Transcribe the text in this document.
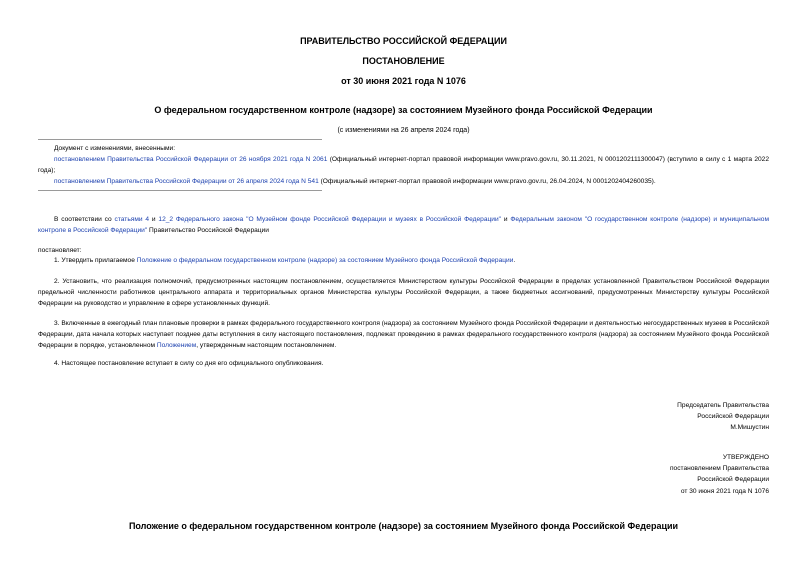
ПРАВИТЕЛЬСТВО РОССИЙСКОЙ ФЕДЕРАЦИИ
ПОСТАНОВЛЕНИЕ
от 30 июня 2021 года N 1076
О федеральном государственном контроле (надзоре) за состоянием Музейного фонда Российской Федерации
(с изменениями на 26 апреля 2024 года)
Документ с изменениями, внесенными:
постановлением Правительства Российской Федерации от 26 ноября 2021 года N 2061 (Официальный интернет-портал правовой информации www.pravo.gov.ru, 30.11.2021, N 0001202111300047) (вступило в силу с 1 марта 2022 года);
постановлением Правительства Российской Федерации от 26 апреля 2024 года N 541 (Официальный интернет-портал правовой информации www.pravo.gov.ru, 26.04.2024, N 0001202404260035).
В соответствии со статьями 4 и 12_2 Федерального закона "О Музейном фонде Российской Федерации и музеях в Российской Федерации" и Федеральным законом "О государственном контроле (надзоре) и муниципальном контроле в Российской Федерации" Правительство Российской Федерации
постановляет:
1. Утвердить прилагаемое Положение о федеральном государственном контроле (надзоре) за состоянием Музейного фонда Российской Федерации.
2. Установить, что реализация полномочий, предусмотренных настоящим постановлением, осуществляется Министерством культуры Российской Федерации в пределах установленной Правительством Российской Федерации предельной численности работников центрального аппарата и территориальных органов Министерства культуры Российской Федерации, а также бюджетных ассигнований, предусмотренных Министерству культуры Российской Федерации на руководство и управление в сфере установленных функций.
3. Включенные в ежегодный план плановые проверки в рамках федерального государственного контроля (надзора) за состоянием Музейного фонда Российской Федерации и деятельностью негосударственных музеев в Российской Федерации, дата начала которых наступает позднее даты вступления в силу настоящего постановления, подлежат проведению в рамках федерального государственного контроля (надзора) за состоянием Музейного фонда Российской Федерации в порядке, установленном Положением, утвержденным настоящим постановлением.
4. Настоящее постановление вступает в силу со дня его официального опубликования.
Председатель Правительства
Российской Федерации
М.Мишустин
УТВЕРЖДЕНО
постановлением Правительства
Российской Федерации
от 30 июня 2021 года N 1076
Положение о федеральном государственном контроле (надзоре) за состоянием Музейного фонда Российской Федерации
